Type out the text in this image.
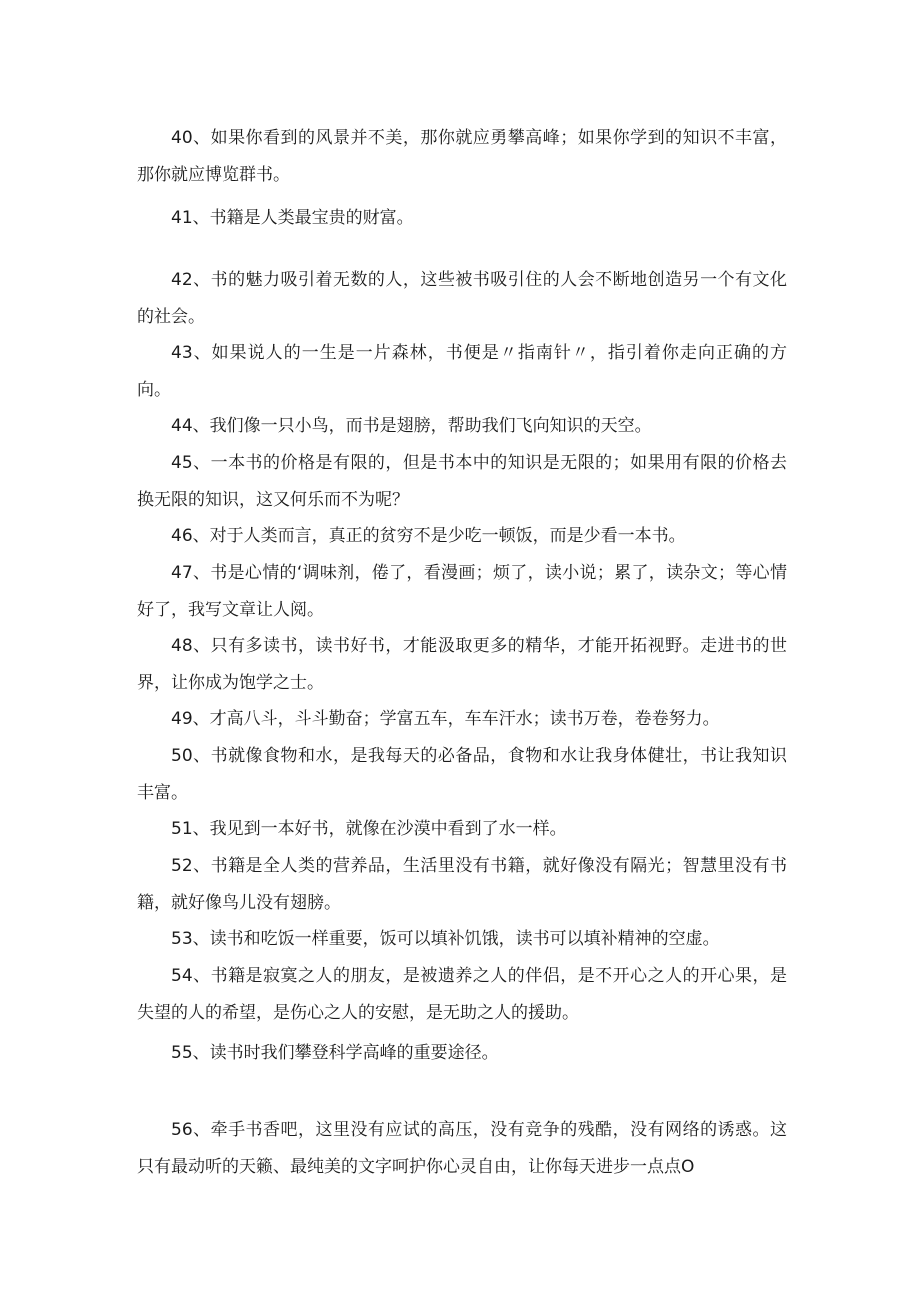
40、如果你看到的风景并不美，那你就应勇攀高峰；如果你学到的知识不丰富，那你就应博览群书。

41、书籍是人类最宝贵的财富。

42、书的魅力吸引着无数的人，这些被书吸引住的人会不断地创造另一个有文化的社会。

43、如果说人的一生是一片森林，书便是〃指南针〃，指引着你走向正确的方向。

44、我们像一只小鸟，而书是翅膀，帮助我们飞向知识的天空。

45、一本书的价格是有限的，但是书本中的知识是无限的；如果用有限的价格去换无限的知识，这又何乐而不为呢？

46、对于人类而言，真正的贫穷不是少吃一顿饭，而是少看一本书。

47、书是心情的‘调味剂，倦了，看漫画；烦了，读小说；累了，读杂文；等心情好了，我写文章让人阅。

48、只有多读书，读书好书，才能汲取更多的精华，才能开拓视野。走进书的世界，让你成为饱学之士。

49、才高八斗，斗斗勤奋；学富五车，车车汗水；读书万卷，卷卷努力。

50、书就像食物和水，是我每天的必备品，食物和水让我身体健壮，书让我知识丰富。

51、我见到一本好书，就像在沙漠中看到了水一样。

52、书籍是全人类的营养品，生活里没有书籍，就好像没有隔光；智慧里没有书籍，就好像鸟儿没有翅膀。

53、读书和吃饭一样重要，饭可以填补饥饿，读书可以填补精神的空虚。

54、书籍是寂寞之人的朋友，是被遗养之人的伴侣，是不开心之人的开心果，是失望的人的希望，是伤心之人的安慰，是无助之人的援助。

55、读书时我们攀登科学高峰的重要途径。

56、牵手书香吧，这里没有应试的高压，没有竞争的残酷，没有网络的诱惑。这只有最动听的天籁、最纯美的文字呵护你心灵自由，让你每天进步一点点O
